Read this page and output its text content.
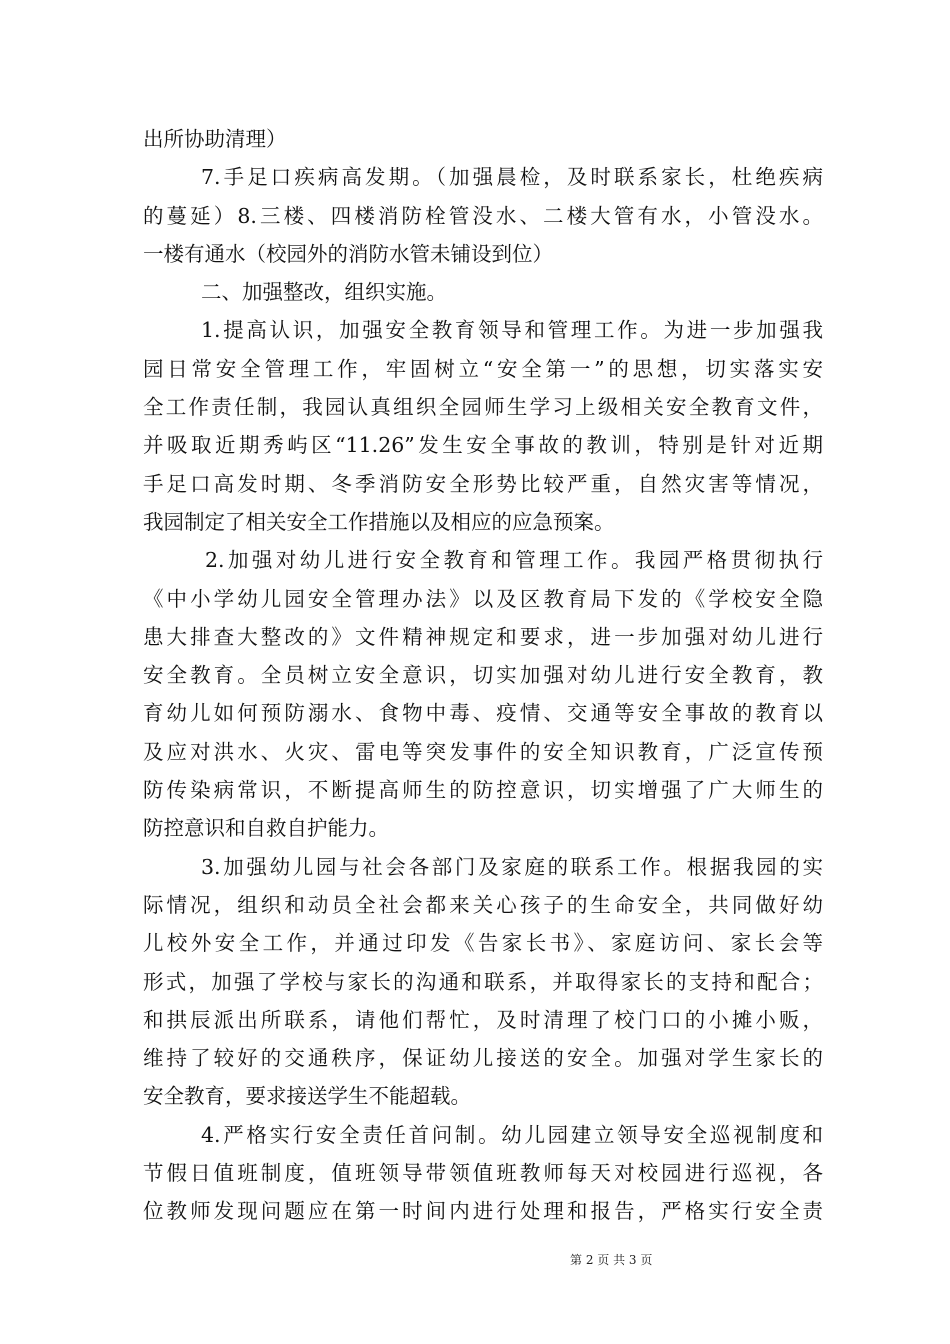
出所协助清理）
7.手足口疾病高发期。（加强晨检，及时联系家长，杜绝疾病
的蔓延）8.三楼、四楼消防栓管没水、二楼大管有水，小管没水。
一楼有通水（校园外的消防水管未铺设到位）
二、加强整改，组织实施。
1.提高认识，加强安全教育领导和管理工作。为进一步加强我
园日常安全管理工作，牢固树立“安全第一”的思想，切实落实安
全工作责任制，我园认真组织全园师生学习上级相关安全教育文件，
并吸取近期秀屿区“11.26”发生安全事故的教训，特别是针对近期
手足口高发时期、冬季消防安全形势比较严重，自然灾害等情况，
我园制定了相关安全工作措施以及相应的应急预案。
2.加强对幼儿进行安全教育和管理工作。我园严格贯彻执行
《中小学幼儿园安全管理办法》以及区教育局下发的《学校安全隐
患大排查大整改的》文件精神规定和要求，进一步加强对幼儿进行
安全教育。全员树立安全意识，切实加强对幼儿进行安全教育，教
育幼儿如何预防溺水、食物中毒、疫情、交通等安全事故的教育以
及应对洪水、火灾、雷电等突发事件的安全知识教育，广泛宣传预
防传染病常识，不断提高师生的防控意识，切实增强了广大师生的
防控意识和自救自护能力。
3.加强幼儿园与社会各部门及家庭的联系工作。根据我园的实
际情况，组织和动员全社会都来关心孩子的生命安全，共同做好幼
儿校外安全工作，并通过印发《告家长书》、家庭访问、家长会等
形式，加强了学校与家长的沟通和联系，并取得家长的支持和配合；
和拱辰派出所联系，请他们帮忙，及时清理了校门口的小摊小贩，
维持了较好的交通秩序，保证幼儿接送的安全。加强对学生家长的
安全教育，要求接送学生不能超载。
4.严格实行安全责任首问制。幼儿园建立领导安全巡视制度和
节假日值班制度，值班领导带领值班教师每天对校园进行巡视，各
位教师发现问题应在第一时间内进行处理和报告，严格实行安全责
第 2 页 共 3 页
